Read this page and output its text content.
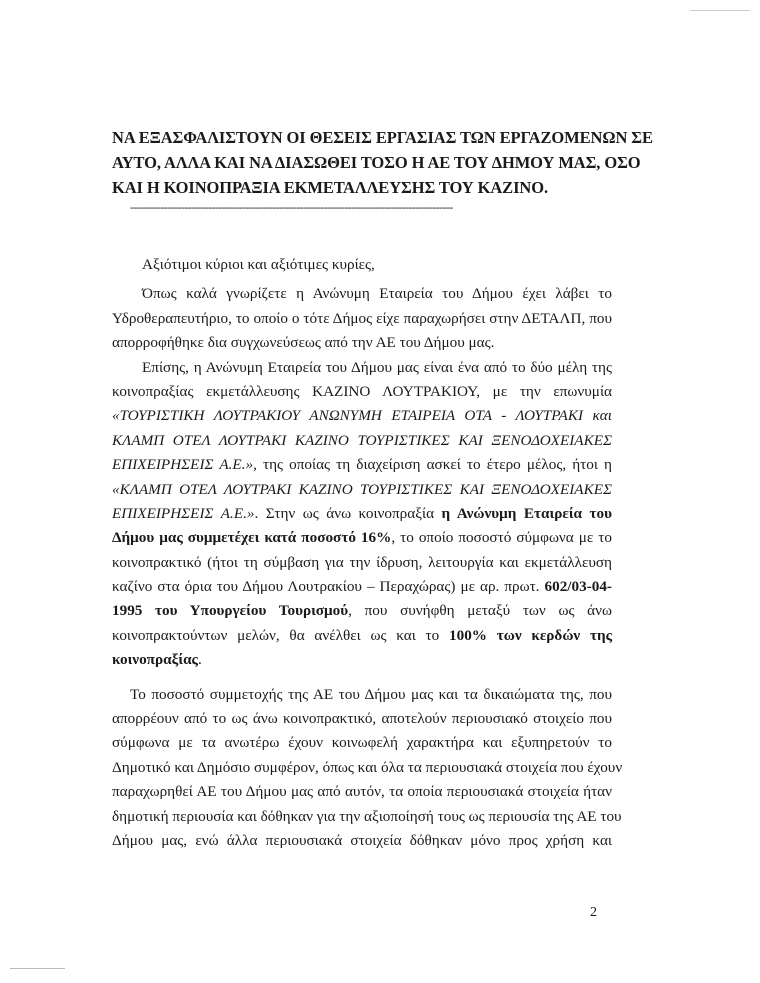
ΝΑ ΕΞΑΣΦΑΛΙΣΤΟΥΝ ΟΙ ΘΕΣΕΙΣ ΕΡΓΑΣΙΑΣ ΤΩΝ ΕΡΓΑΖΟΜΕΝΩΝ ΣΕ
ΑΥΤΟ, ΑΛΛΑ ΚΑΙ ΝΑ ΔΙΑΣΩΘΕΙ ΤΟΣΟ Η ΑΕ ΤΟΥ ΔΗΜΟΥ ΜΑΣ, ΟΣΟ
ΚΑΙ Η ΚΟΙΝΟΠΡΑΞΙΑ ΕΚΜΕΤΑΛΛΕΥΣΗΣ ΤΟΥ ΚΑΖΙΝΟ.
-----------------------------------------------------------------------------------------------

Αξιότιμοι κύριοι και αξιότιμες κυρίες,

Όπως καλά γνωρίζετε η Ανώνυμη Εταιρεία του Δήμου έχει λάβει το
Υδροθεραπευτήριο, το οποίο ο τότε Δήμος είχε παραχωρήσει στην ΔΕΤΑΛΠ, που
απορροφήθηκε δια συγχωνεύσεως από την ΑΕ του Δήμου μας.
Επίσης, η Ανώνυμη Εταιρεία του Δήμου μας είναι ένα από το δύο μέλη της
κοινοπραξίας εκμετάλλευσης ΚΑΖΙΝΟ ΛΟΥΤΡΑΚΙΟΥ, με την επωνυμία
«ΤΟΥΡΙΣΤΙΚΗ ΛΟΥΤΡΑΚΙΟΥ ΑΝΩΝΥΜΗ ΕΤΑΙΡΕΙΑ ΟΤΑ - ΛΟΥΤΡΑΚΙ και
ΚΛΑΜΠ ΟΤΕΛ ΛΟΥΤΡΑΚΙ ΚΑΖΙΝΟ ΤΟΥΡΙΣΤΙΚΕΣ ΚΑΙ ΞΕΝΟΔΟΧΕΙΑΚΕΣ
ΕΠΙΧΕΙΡΗΣΕΙΣ Α.Ε.», της οποίας τη διαχείριση ασκεί το έτερο μέλος, ήτοι η
«ΚΛΑΜΠ ΟΤΕΛ ΛΟΥΤΡΑΚΙ ΚΑΖΙΝΟ ΤΟΥΡΙΣΤΙΚΕΣ ΚΑΙ ΞΕΝΟΔΟΧΕΙΑΚΕΣ
ΕΠΙΧΕΙΡΗΣΕΙΣ Α.Ε.». Στην ως άνω κοινοπραξία η Ανώνυμη Εταιρεία του
Δήμου μας συμμετέχει κατά ποσοστό 16%, το οποίο ποσοστό σύμφωνα με το
κοινοπρακτικό (ήτοι τη σύμβαση για την ίδρυση, λειτουργία και εκμετάλλευση
καζίνο στα όρια του Δήμου Λουτρακίου – Περαχώρας) με αρ. πρωτ. 602/03-04-
1995 του Υπουργείου Τουρισμού, που συνήφθη μεταξύ των ως άνω
κοινοπρακτούντων μελών, θα ανέλθει ως και το 100% των κερδών της
κοινοπραξίας.
Το ποσοστό συμμετοχής της ΑΕ του Δήμου μας και τα δικαιώματα της, που
απορρέουν από το ως άνω κοινοπρακτικό, αποτελούν περιουσιακό στοιχείο που
σύμφωνα με τα ανωτέρω έχουν κοινωφελή χαρακτήρα και εξυπηρετούν το
Δημοτικό και Δημόσιο συμφέρον, όπως και όλα τα περιουσιακά στοιχεία που έχουν
παραχωρηθεί ΑΕ του Δήμου μας από αυτόν, τα οποία περιουσιακά στοιχεία ήταν
δημοτική περιουσία και δόθηκαν για την αξιοποίησή τους ως περιουσία της ΑΕ του
Δήμου μας, ενώ άλλα περιουσιακά στοιχεία δόθηκαν μόνο προς χρήση και
2
